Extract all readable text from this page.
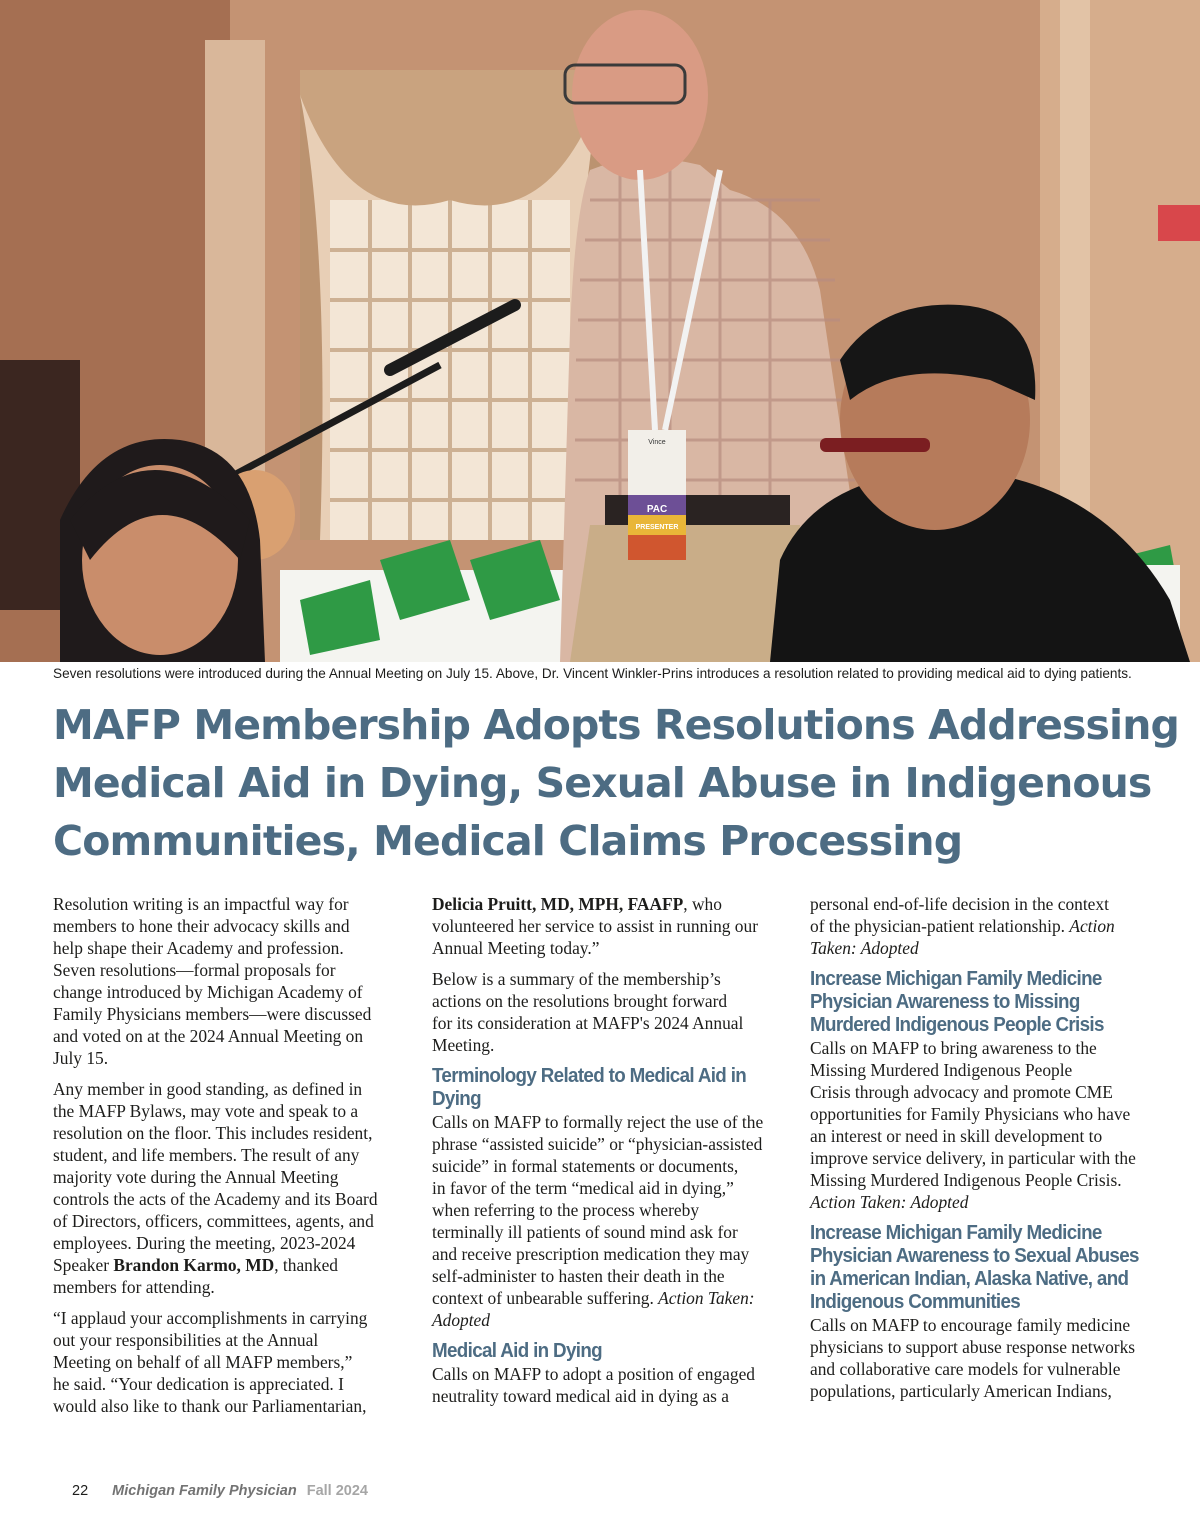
Vince
PAC
PRESENTER
Seven resolutions were introduced during the Annual Meeting on July 15. Above, Dr. Vincent Winkler-Prins introduces a resolution related to providing medical aid to dying patients.
MAFP Membership Adopts Resolutions Addressing
Medical Aid in Dying, Sexual Abuse in Indigenous
Communities, Medical Claims Processing

Resolution writing is an impactful way for
members to hone their advocacy skills and
help shape their Academy and profession.
Seven resolutions—formal proposals for
change introduced by Michigan Academy of
Family Physicians members—were discussed
and voted on at the 2024 Annual Meeting on
July 15.

Any member in good standing, as defined in
the MAFP Bylaws, may vote and speak to a
resolution on the floor. This includes resident,
student, and life members. The result of any
majority vote during the Annual Meeting
controls the acts of the Academy and its Board
of Directors, officers, committees, agents, and
employees. During the meeting, 2023-2024
Speaker Brandon Karmo, MD, thanked
members for attending.

“I applaud your accomplishments in carrying
out your responsibilities at the Annual
Meeting on behalf of all MAFP members,”
he said. “Your dedication is appreciated. I
would also like to thank our Parliamentarian,

Delicia Pruitt, MD, MPH, FAAFP, who
volunteered her service to assist in running our
Annual Meeting today.”

Below is a summary of the membership’s
actions on the resolutions brought forward
for its consideration at MAFP's 2024 Annual
Meeting.

Terminology Related to Medical Aid in
Dying

Calls on MAFP to formally reject the use of the
phrase “assisted suicide” or “physician-assisted
suicide” in formal statements or documents,
in favor of the term “medical aid in dying,”
when referring to the process whereby
terminally ill patients of sound mind ask for
and receive prescription medication they may
self-administer to hasten their death in the
context of unbearable suffering. Action Taken:
Adopted

Medical Aid in Dying

Calls on MAFP to adopt a position of engaged
neutrality toward medical aid in dying as a

personal end-of-life decision in the context
of the physician-patient relationship. Action
Taken: Adopted

Increase Michigan Family Medicine
Physician Awareness to Missing
Murdered Indigenous People Crisis

Calls on MAFP to bring awareness to the
Missing Murdered Indigenous People
Crisis through advocacy and promote CME
opportunities for Family Physicians who have
an interest or need in skill development to
improve service delivery, in particular with the
Missing Murdered Indigenous People Crisis.
Action Taken: Adopted

Increase Michigan Family Medicine
Physician Awareness to Sexual Abuses
in American Indian, Alaska Native, and
Indigenous Communities

Calls on MAFP to encourage family medicine
physicians to support abuse response networks
and collaborative care models for vulnerable
populations, particularly American Indians,

22 Michigan Family Physician Fall 2024
